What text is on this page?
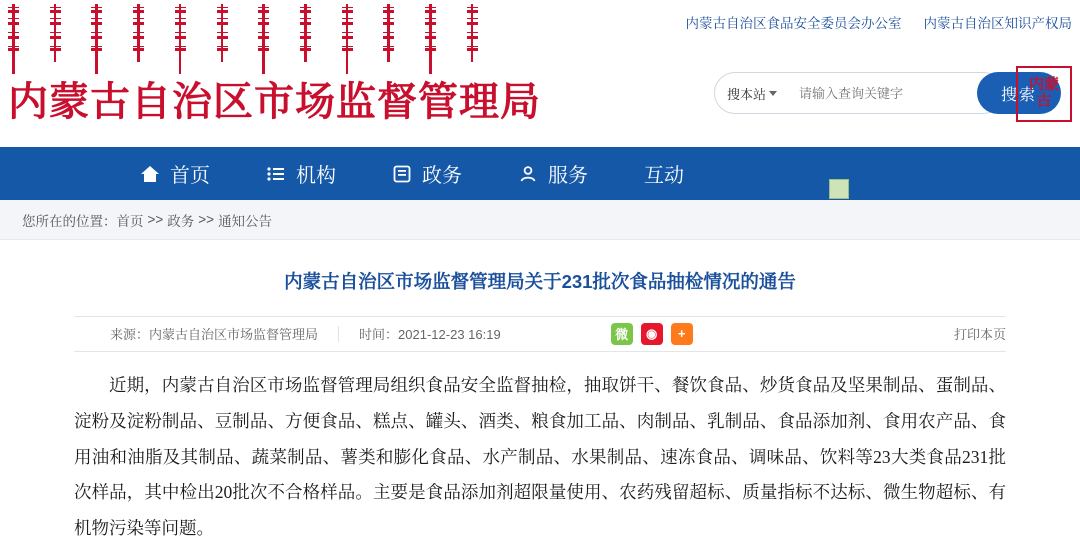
内蒙古自治区市场监督管理局
内蒙古自治区食品安全委员会办公室 内蒙古自治区知识产权局
搜本站
请输入查询关键字	搜索
内蒙古
首页	机构	政务	服务	互动
您所在的位置： 首页 >> 政务 >> 通知公告
内蒙古自治区市场监督管理局关于231批次食品抽检情况的通告
来源：内蒙古自治区市场监督管理局	时间：2021-12-23 16:19	微	◉	+	打印本页
近期，内蒙古自治区市场监督管理局组织食品安全监督抽检，抽取饼干、餐饮食品、炒货食品及坚果制品、蛋制品、淀粉及淀粉制品、豆制品、方便食品、糕点、罐头、酒类、粮食加工品、肉制品、乳制品、食品添加剂、食用农产品、食用油和油脂及其制品、蔬菜制品、薯类和膨化食品、水产制品、水果制品、速冻食品、调味品、饮料等23大类食品231批次样品，其中检出20批次不合格样品。主要是食品添加剂超限量使用、农药残留超标、质量指标不达标、微生物超标、有机物污染等问题。
